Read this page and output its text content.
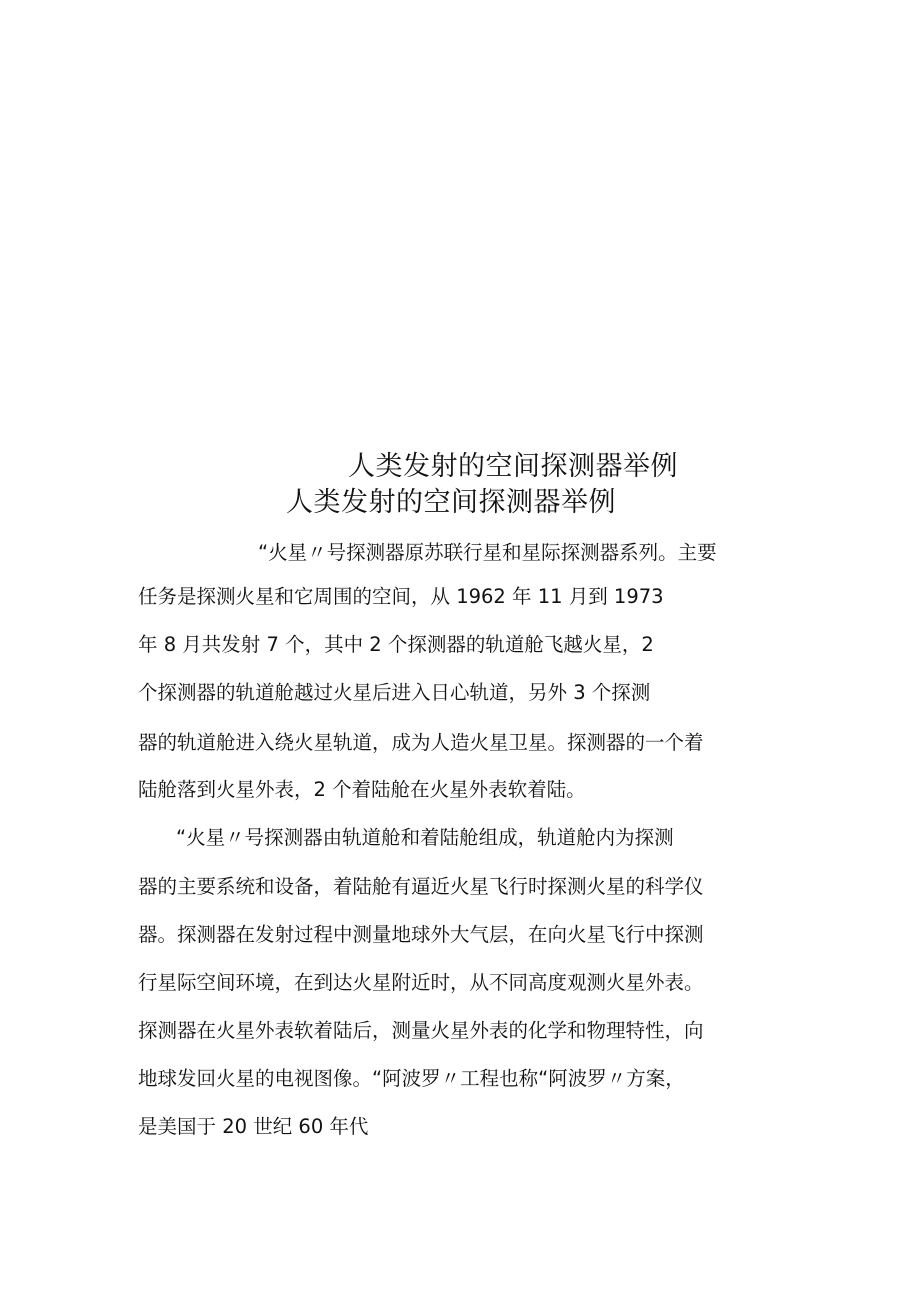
人类发射的空间探测器举例
人类发射的空间探测器举例

“火星〃号探测器原苏联行星和星际探测器系列。主要

任务是探测火星和它周围的空间，从 1962 年 11 月到 1973

年 8 月共发射 7 个，其中 2 个探测器的轨道舱飞越火星，2

个探测器的轨道舱越过火星后进入日心轨道，另外 3 个探测

器的轨道舱进入绕火星轨道，成为人造火星卫星。探测器的一个着

陆舱落到火星外表，2 个着陆舱在火星外表软着陆。

“火星〃号探测器由轨道舱和着陆舱组成，轨道舱内为探测

器的主要系统和设备，着陆舱有逼近火星飞行时探测火星的科学仪

器。探测器在发射过程中测量地球外大气层，在向火星飞行中探测

行星际空间环境，在到达火星附近时，从不同高度观测火星外表。

探测器在火星外表软着陆后，测量火星外表的化学和物理特性，向

地球发回火星的电视图像。“阿波罗〃工程也称“阿波罗〃方案，

是美国于 20 世纪 60 年代
